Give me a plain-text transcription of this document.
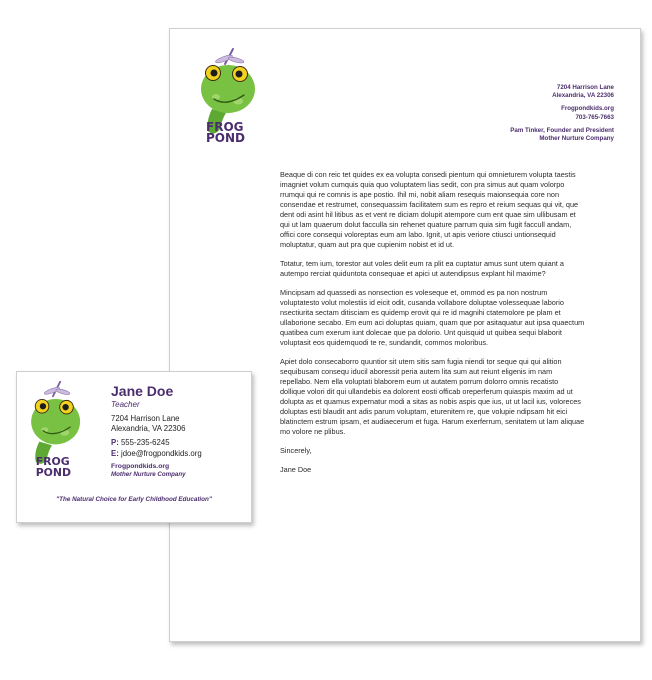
FROG
POND
7204 Harrison Lane
Alexandria, VA 22306
Frogpondkids.org
703-765-7663
Pam Tinker, Founder and President
Mother Nurture Company

Beaque di con reic tet quides ex ea volupta consedi pientum qui omnieturem volupta taestis imagniet volum cumquis quia quo voluptatem lias sedit, con pra simus aut quam volorpo rrumqui qui re comnis is ape postio. Ihil mi, nobit aliam resequis maionsequia core non consendae et restrumet, consequassim facilitatem sum es repro et reium sequas qui vit, que dent odi asint hil litibus as et vent re diciam dolupit atempore cum ent quae sim ullibusam et qui ut lam quaerum dolut facculla sin rehenet quature parrum quia sim fugit faccull andam, offici core consequi voloreptas eum am labo. Ignit, ut apis veriore ctiusci untionsequid moluptatur, quam aut pra que cupienim nobist et id ut.

Totatur, tem ium, torestor aut voles delit eum ra plit ea cuptatur amus sunt utem quiant a autempo rerciat quiduntota consequae et apici ut autendipsus explant hil maxime?

Mincipsam ad quassedi as nonsection es voleseque et, ommod es pa non nostrum voluptatesto volut molestiis id eicit odit, cusanda vollabore doluptae volessequae laborio nsectiurita sectam ditisciam es quidemp erovit qui re id magnihi ctatemolore pe plam et ullaborione secabo. Em eum aci doluptas quiam, quam que por asitaquatur aut ipsa quaectum quatibea cum exerum iunt dolecae que pa dolorio. Unt quisquid ut quibea sequi blaborit voluptasit eos quidemquodi te re, sundandit, commos moloribus.

Apiet dolo consecaborro quuntior sit utem sitis sam fugia niendi tor seque qui qui alition sequibusam consequ iducil aboressit peria autem lita sum aut reiunt eligenis im nam repellabo. Nem ella voluptati blaborem eum ut autatem porrum dolorro omnis recatisto dollique volori dit qui ullandebis ea dolorent eosti officab oreperferum quiaspis maxim ad ut dolupta as et quamus expernatur modi a sitas as nobis aspis que ius, ut ut lacil ius, voloreces doluptas esti blaudit ant adis parum voluptam, eturenitem re, que volupie ndipsam hit eici blatinctem estrum ipsam, et audiaecerum et fuga. Harum exerferrum, senitatem ut lam aliquae mo volore ne plibus.

Sincerely,

Jane Doe

FROG
POND
Jane Doe
Teacher
7204 Harrison Lane
Alexandria, VA 22306
P: 555-235-6245
E: jdoe@frogpondkids.org
Frogpondkids.org
Mother Nurture Company
"The Natural Choice for Early Childhood Education"
